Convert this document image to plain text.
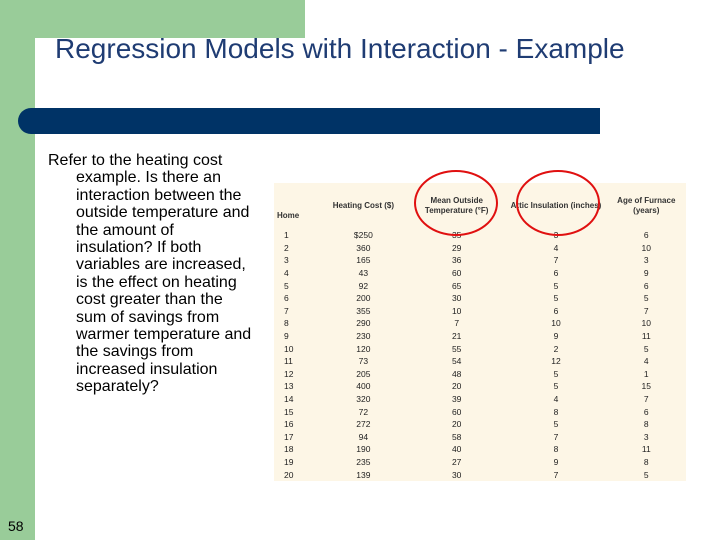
Regression Models with Interaction - Example

Refer to the heating cost example. Is there an interaction between the outside temperature and the amount of insulation? If both variables are increased, is the effect on heating cost greater than the sum of savings from warmer temperature and the savings from increased insulation separately?

Home	Heating Cost ($)	Mean Outside Temperature (°F)	Attic Insulation (inches)	Age of Furnace (years)
1	$250	35	3	6
2	360	29	4	10
3	165	36	7	3
4	43	60	6	9
5	92	65	5	6
6	200	30	5	5
7	355	10	6	7
8	290	7	10	10
9	230	21	9	11
10	120	55	2	5
11	73	54	12	4
12	205	48	5	1
13	400	20	5	15
14	320	39	4	7
15	72	60	8	6
16	272	20	5	8
17	94	58	7	3
18	190	40	8	11
19	235	27	9	8
20	139	30	7	5
58
